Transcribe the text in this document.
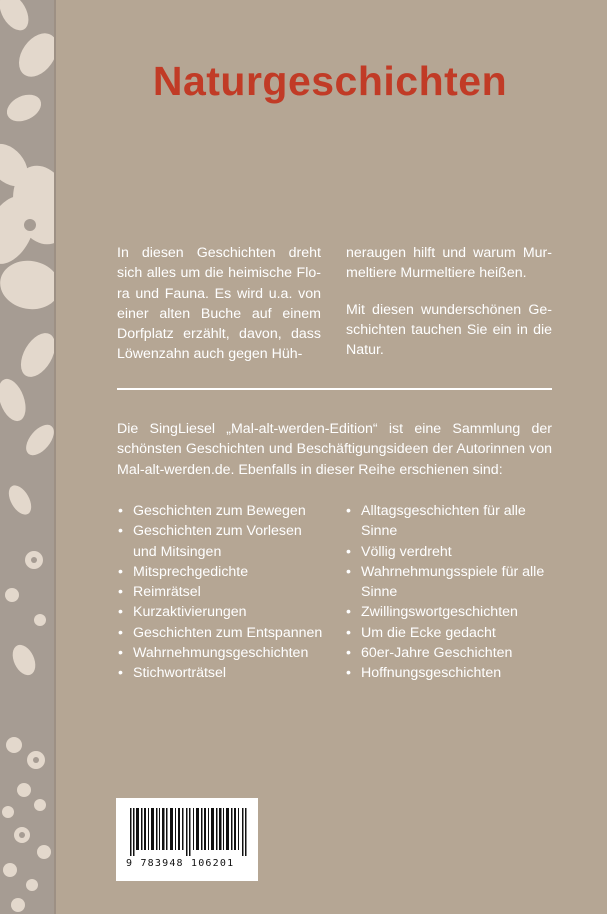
Naturgeschichten

In diesen Geschichten dreht sich alles um die heimische Flo-ra und Fauna. Es wird u.a. von einer alten Buche auf einem Dorfplatz erzählt, davon, dass Löwenzahn auch gegen Hüh-

neraugen hilft und warum Mur-meltiere Murmeltiere heißen.

Mit diesen wunderschönen Ge-schichten tauchen Sie ein in die Natur.

Die SingLiesel „Mal-alt-werden-Edition“ ist eine Sammlung der schönsten Geschichten und Beschäftigungsideen der Autorinnen von Mal-alt-werden.de. Ebenfalls in dieser Reihe erschienen sind:
• Geschichten zum Bewegen
• Geschichten zum Vorlesen und Mitsingen
• Mitsprechgedichte
• Reimrätsel
• Kurzaktivierungen
• Geschichten zum Entspannen
• Wahrnehmungsgeschichten
• Stichworträtsel
• Alltagsgeschichten für alle Sinne
• Völlig verdreht
• Wahrnehmungsspiele für alle Sinne
• Zwillingswortgeschichten
• Um die Ecke gedacht
• 60er-Jahre Geschichten
• Hoffnungsgeschichten
9 783948 106201
